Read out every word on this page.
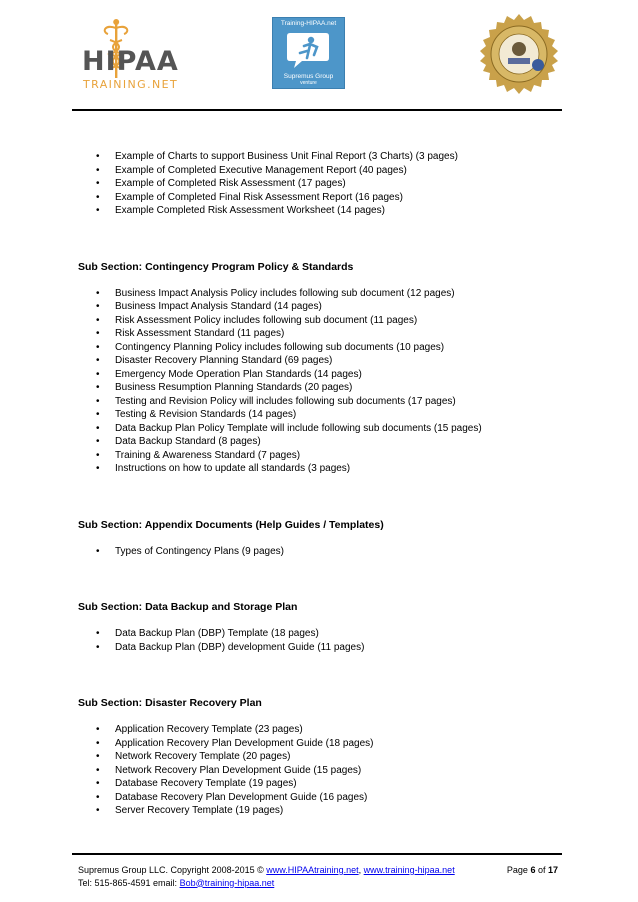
HIPAA
TRAINING.NET
Training-HIPAA.net
Supremus Group
venture
• Example of Charts to support Business Unit Final Report (3 Charts) (3 pages)
• Example of Completed Executive Management Report (40 pages)
• Example of Completed Risk Assessment (17 pages)
• Example of Completed Final Risk Assessment Report (16 pages)
• Example Completed Risk Assessment Worksheet (14 pages)
Sub Section: Contingency Program Policy & Standards
• Business Impact Analysis Policy includes following sub document (12 pages)
• Business Impact Analysis Standard (14 pages)
• Risk Assessment Policy includes following sub document (11 pages)
• Risk Assessment Standard (11 pages)
• Contingency Planning Policy includes following sub documents (10 pages)
• Disaster Recovery Planning Standard (69 pages)
• Emergency Mode Operation Plan Standards (14 pages)
• Business Resumption Planning Standards (20 pages)
• Testing and Revision Policy will includes following sub documents (17 pages)
• Testing & Revision Standards (14 pages)
• Data Backup Plan Policy Template will include following sub documents (15 pages)
• Data Backup Standard (8 pages)
• Training & Awareness Standard (7 pages)
• Instructions on how to update all standards (3 pages)
Sub Section: Appendix Documents (Help Guides / Templates)
• Types of Contingency Plans (9 pages)
Sub Section: Data Backup and Storage Plan
• Data Backup Plan (DBP) Template (18 pages)
• Data Backup Plan (DBP) development Guide (11 pages)
Sub Section: Disaster Recovery Plan
• Application Recovery Template (23 pages)
• Application Recovery Plan Development Guide (18 pages)
• Network Recovery Template (20 pages)
• Network Recovery Plan Development Guide (15 pages)
• Database Recovery Template (19 pages)
• Database Recovery Plan Development Guide (16 pages)
• Server Recovery Template (19 pages)
Supremus Group LLC. Copyright 2008-2015 © www.HIPAAtraining.net, www.training-hipaa.net
Tel: 515-865-4591 email: Bob@training-hipaa.net
Page 6 of 17
